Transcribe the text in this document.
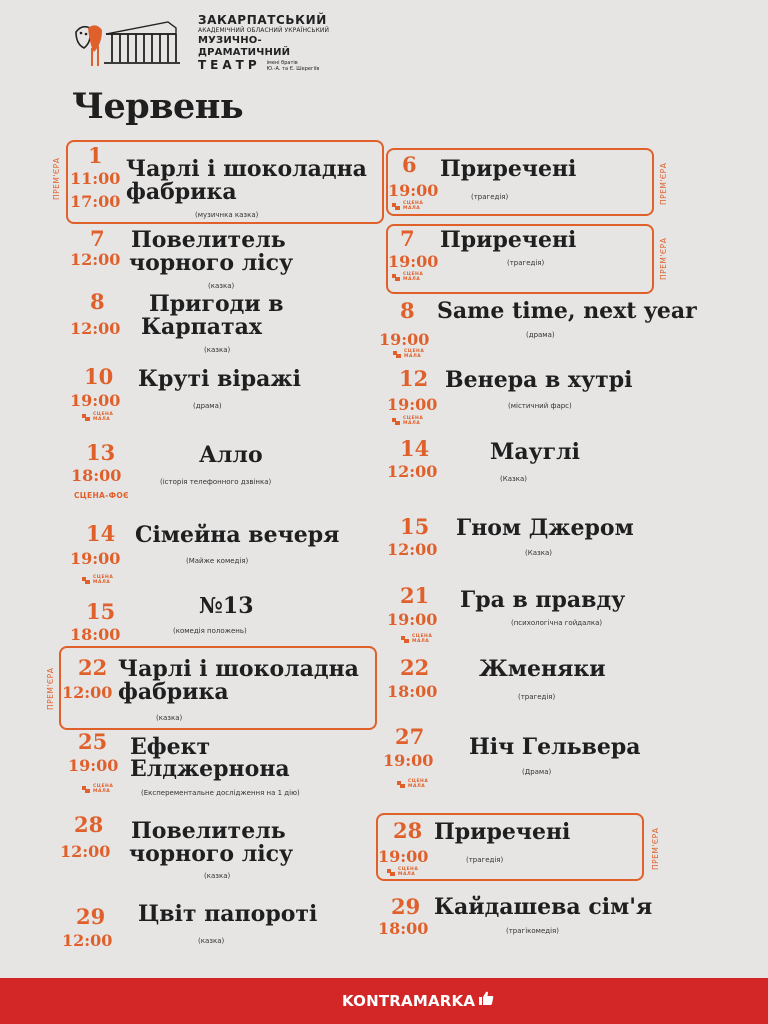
ЗАКАРПАТСЬКИЙ
АКАДЕМІЧНИЙ ОБЛАСНИЙ УКРАЇНСЬКИЙ
МУЗИЧНО-ДРАМАТИЧНИЙ
ТЕАТР імені братів
Ю.-А. та Є. Шерегіїв
Червень
ПРЕМ'ЄРА
1
11:00
17:00
Чарлі і шоколадна
фабрика
(музичнка казка)
7
12:00
Повелитель
чорного лісу
(казка)
8
12:00
Пригоди в
Карпатах
(казка)
10
19:00
СЦЕНА
МАЛА
Круті віражі
(драма)
13
18:00
СЦЕНА-ФОЄ
Алло
(історія телефонного дзвінка)
14
19:00
СЦЕНА
МАЛА
Сімейна вечеря
(Майже комедія)
15
18:00
№13
(комедія положень)
ПРЕМ'ЄРА
22
12:00
Чарлі і шоколадна
фабрика
(казка)
25
19:00
СЦЕНА
МАЛА
Ефект
Елджернона
(Експерементальне дослідження на 1 дію)
28
12:00
Повелитель
чорного лісу
(казка)
29
12:00
Цвіт папороті
(казка)
ПРЕМ'ЄРА
6
19:00
СЦЕНА
МАЛА
Приречені
(трагедія)
ПРЕМ'ЄРА
7
19:00
СЦЕНА
МАЛА
Приречені
(трагедія)
8
19:00
СЦЕНА
МАЛА
Same time, next year
(драма)
12
19:00
СЦЕНА
МАЛА
Венера в хутрі
(містичний фарс)
14
12:00
Мауглі
(Казка)
15
12:00
Гном Джером
(Казка)
21
19:00
СЦЕНА
МАЛА
Гра в правду
(психологічна гойдалка)
22
18:00
Жменяки
(трагедія)
27
19:00
СЦЕНА
МАЛА
Ніч Гельвера
(Драма)
ПРЕМ'ЄРА
28
19:00
СЦЕНА
МАЛА
Приречені
(трагедія)
29
18:00
Кайдашева сім'я
(трагікомедія)
KONTRAMARKA
